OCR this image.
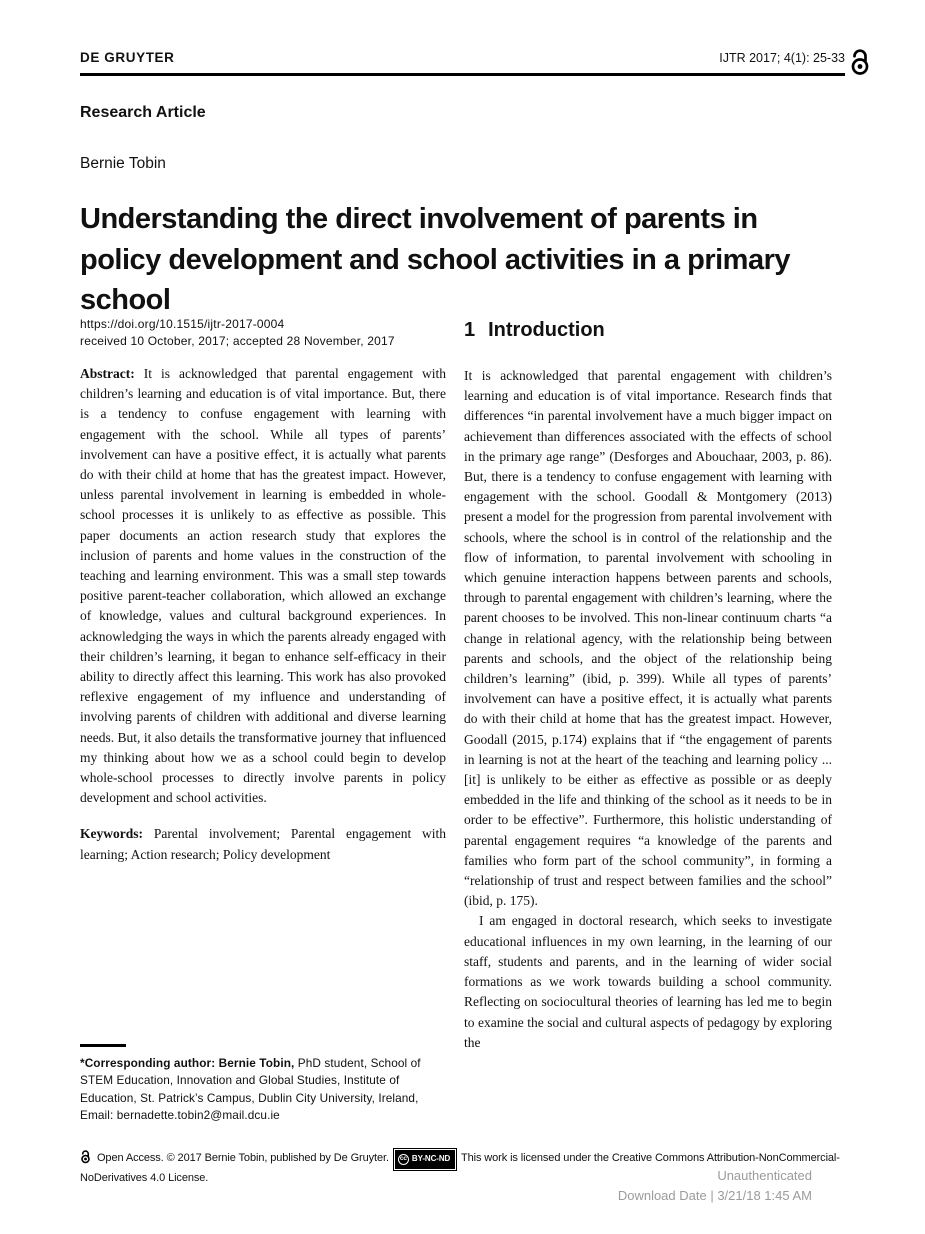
DE GRUYTER	IJTR 2017; 4(1): 25-33
Research Article
Bernie Tobin
Understanding the direct involvement of parents in policy development and school activities in a primary school
https://doi.org/10.1515/ijtr-2017-0004
received 10 October, 2017; accepted 28 November, 2017

Abstract: It is acknowledged that parental engagement with children’s learning and education is of vital importance. But, there is a tendency to confuse engagement with learning with engagement with the school. While all types of parents’ involvement can have a positive effect, it is actually what parents do with their child at home that has the greatest impact. However, unless parental involvement in learning is embedded in whole-school processes it is unlikely to as effective as possible. This paper documents an action research study that explores the inclusion of parents and home values in the construction of the teaching and learning environment. This was a small step towards positive parent-teacher collaboration, which allowed an exchange of knowledge, values and cultural background experiences. In acknowledging the ways in which the parents already engaged with their children’s learning, it began to enhance self-efficacy in their ability to directly affect this learning. This work has also provoked reflexive engagement of my influence and understanding of involving parents of children with additional and diverse learning needs. But, it also details the transformative journey that influenced my thinking about how we as a school could begin to develop whole-school processes to directly involve parents in policy development and school activities.

Keywords: Parental involvement; Parental engagement with learning; Action research; Policy development

1 Introduction

It is acknowledged that parental engagement with children’s learning and education is of vital importance. Research finds that differences “in parental involvement have a much bigger impact on achievement than differences associated with the effects of school in the primary age range” (Desforges and Abouchaar, 2003, p. 86). But, there is a tendency to confuse engagement with learning with engagement with the school. Goodall & Montgomery (2013) present a model for the progression from parental involvement with schools, where the school is in control of the relationship and the flow of information, to parental involvement with schooling in which genuine interaction happens between parents and schools, through to parental engagement with children’s learning, where the parent chooses to be involved. This non-linear continuum charts “a change in relational agency, with the relationship being between parents and schools, and the object of the relationship being children’s learning” (ibid, p. 399). While all types of parents’ involvement can have a positive effect, it is actually what parents do with their child at home that has the greatest impact. However, Goodall (2015, p.174) explains that if “the engagement of parents in learning is not at the heart of the teaching and learning policy ... [it] is unlikely to be either as effective as possible or as deeply embedded in the life and thinking of the school as it needs to be in order to be effective”. Furthermore, this holistic understanding of parental engagement requires “a knowledge of the parents and families who form part of the school community”, in forming a “relationship of trust and respect between families and the school” (ibid, p. 175).

I am engaged in doctoral research, which seeks to investigate educational influences in my own learning, in the learning of our staff, students and parents, and in the learning of wider social formations as we work towards building a school community. Reflecting on sociocultural theories of learning has led me to begin to examine the social and cultural aspects of pedagogy by exploring the

*Corresponding author: Bernie Tobin, PhD student, School of STEM Education, Innovation and Global Studies, Institute of Education, St. Patrick’s Campus, Dublin City University, Ireland, Email: bernadette.tobin2@mail.dcu.ie
Open Access. © 2017 Bernie Tobin, published by De Gruyter.	cc BY-NC-ND This work is licensed under the Creative Commons Attribution-NonCommercial-NoDerivatives 4.0 License.	Unauthenticated
Download Date | 3/21/18 1:45 AM
